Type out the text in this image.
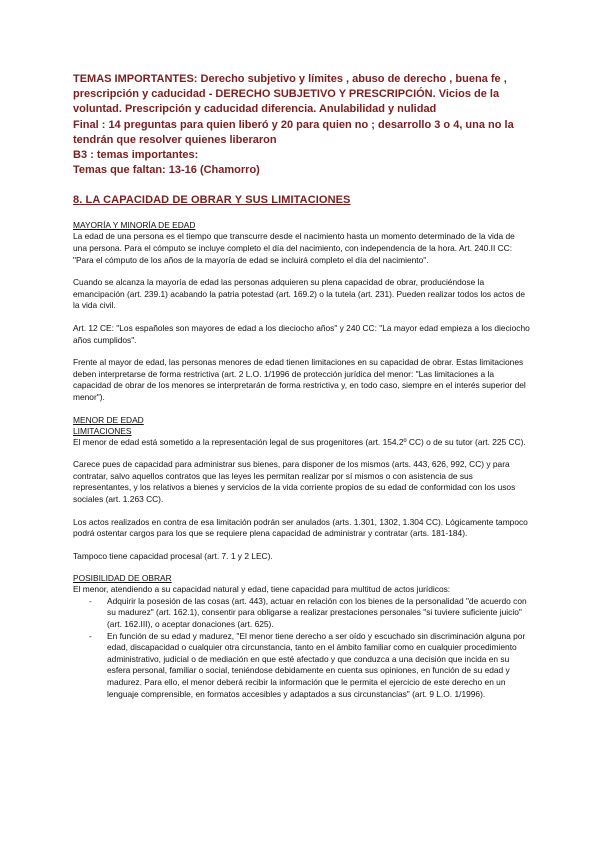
TEMAS IMPORTANTES: Derecho subjetivo y límites , abuso de derecho , buena fe , prescripción y caducidad - DERECHO SUBJETIVO Y PRESCRIPCIÓN. Vicios de la voluntad. Prescripción y caducidad diferencia. Anulabilidad y nulidad

Final : 14 preguntas para quien liberó y 20 para quien no ; desarrollo 3 o 4, una no la tendrán que resolver quienes liberaron

B3 : temas importantes:

Temas que faltan: 13-16 (Chamorro)

8. LA CAPACIDAD DE OBRAR Y SUS LIMITACIONES

MAYORÍA Y MINORÍA DE EDAD

La edad de una persona es el tiempo que transcurre desde el nacimiento hasta un momento determinado de la vida de una persona. Para el cómputo se incluye completo el día del nacimiento, con independencia de la hora. Art. 240.II CC: "Para el cómputo de los años de la mayoría de edad se incluirá completo el día del nacimiento".

Cuando se alcanza la mayoría de edad las personas adquieren su plena capacidad de obrar, produciéndose la emancipación (art. 239.1) acabando la patria potestad (art. 169.2) o la tutela (art. 231). Pueden realizar todos los actos de la vida civil.

Art. 12 CE: "Los españoles son mayores de edad a los dieciocho años" y 240 CC: "La mayor edad empieza a los dieciocho años cumplidos".

Frente al mayor de edad, las personas menores de edad tienen limitaciones en su capacidad de obrar. Estas limitaciones deben interpretarse de forma restrictiva (art. 2 L.O. 1/1996 de protección jurídica del menor: "Las limitaciones a la capacidad de obrar de los menores se interpretarán de forma restrictiva y, en todo caso, siempre en el interés superior del menor").

MENOR DE EDAD

LIMITACIONES

El menor de edad está sometido a la representación legal de sus progenitores (art. 154.2º CC) o de su tutor (art. 225 CC).

Carece pues de capacidad para administrar sus bienes, para disponer de los mismos (arts. 443, 626, 992, CC) y para contratar, salvo aquellos contratos que las leyes les permitan realizar por sí mismos o con asistencia de sus representantes, y los relativos a bienes y servicios de la vida corriente propios de su edad de conformidad con los usos sociales (art. 1.263 CC).

Los actos realizados en contra de esa limitación podrán ser anulados (arts. 1.301, 1302, 1.304 CC). Lógicamente tampoco podrá ostentar cargos para los que se requiere plena capacidad de administrar y contratar (arts. 181-184).

Tampoco tiene capacidad procesal (art. 7. 1 y 2 LEC).

POSIBILIDAD DE OBRAR

El menor, atendiendo a su capacidad natural y edad, tiene capacidad para multitud de actos jurídicos:

- Adquirir la posesión de las cosas (art. 443), actuar en relación con los bienes de la personalidad "de acuerdo con su madurez" (art. 162.1), consentir para obligarse a realizar prestaciones personales "si tuviere suficiente juicio" (art. 162.III), o aceptar donaciones (art. 625).
- En función de su edad y madurez, "El menor tiene derecho a ser oído y escuchado sin discriminación alguna por edad, discapacidad o cualquier otra circunstancia, tanto en el ámbito familiar como en cualquier procedimiento administrativo, judicial o de mediación en que esté afectado y que conduzca a una decisión que incida en su esfera personal, familiar o social, teniéndose debidamente en cuenta sus opiniones, en función de su edad y madurez. Para ello, el menor deberá recibir la información que le permita el ejercicio de este derecho en un lenguaje comprensible, en formatos accesibles y adaptados a sus circunstancias" (art. 9 L.O. 1/1996).
